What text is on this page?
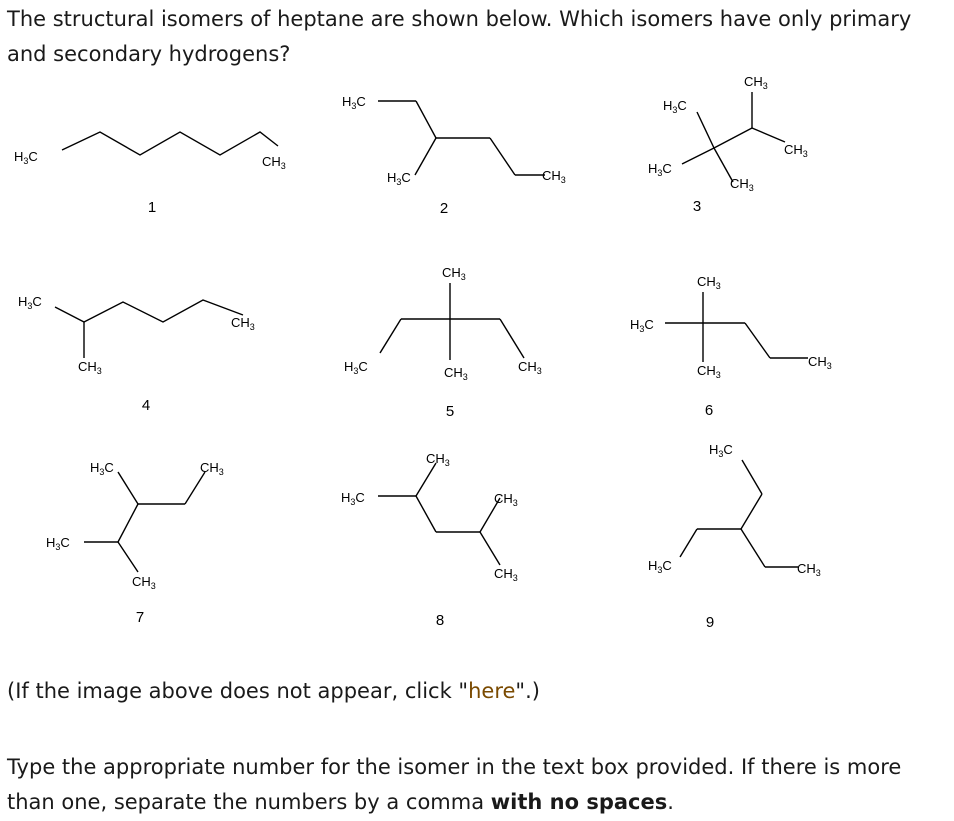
The structural isomers of heptane are shown below. Which isomers have only primary and secondary hydrogens?

$H_3C$	$CH_3$
1
$H_3C$
$H_3C$	$CH_3$
2
$CH_3$
$H_3C$
$CH_3$
$H_3C$
$CH_3$
3
$H_3C$
$CH_3$
$CH_3$
4
$CH_3$
$H_3C$	$CH_3$
$CH_3$
5
$CH_3$
$H_3C$
$CH_3$
$CH_3$
6
$H_3C$	$CH_3$
$H_3C$
$CH_3$
7
$CH_3$
$H_3C$	$CH_3$
$CH_3$
8
$H_3C$
$H_3C$	$CH_3$
9

(If the image above does not appear, click "here".)

Type the appropriate number for the isomer in the text box provided. If there is more than one, separate the numbers by a comma with no spaces.
